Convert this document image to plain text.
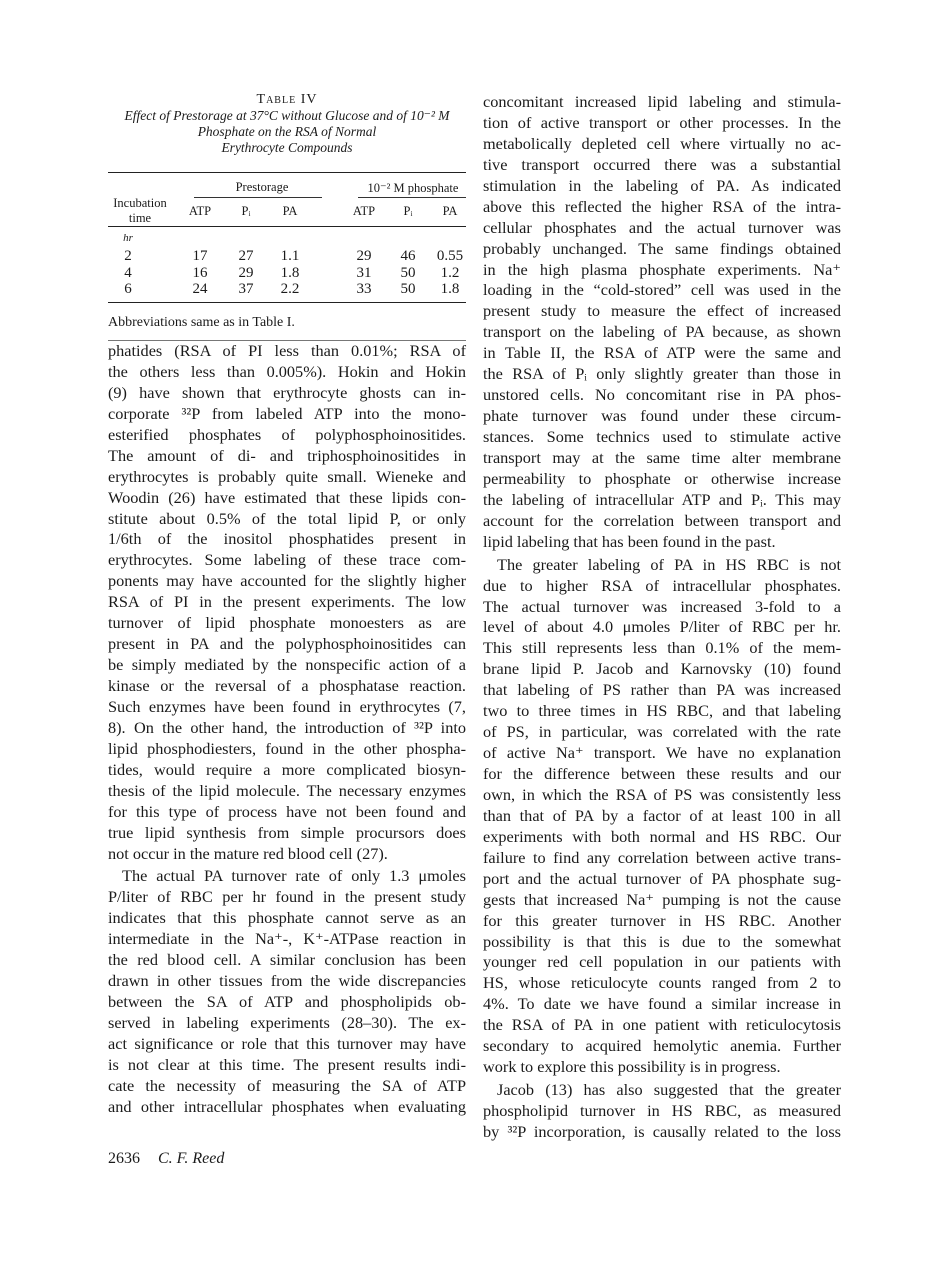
Table IV
Effect of Prestorage at 37°C without Glucose and of 10⁻² M
Phosphate on the RSA of Normal
Erythrocyte Compounds
Prestorage	10⁻² M phosphate
Incubation
time	ATP	Pᵢ	PA	ATP	Pᵢ	PA
hr
2	17	27	1.1	29	46	0.55
4	16	29	1.8	31	50	1.2
6	24	37	2.2	33	50	1.8
Abbreviations same as in Table I.
phatides (RSA of PI less than 0.01%; RSA of
the others less than 0.005%). Hokin and Hokin
(9) have shown that erythrocyte ghosts can in-
corporate ³²P from labeled ATP into the mono-
esterified phosphates of polyphosphoinositides.
The amount of di- and triphosphoinositides in
erythrocytes is probably quite small. Wieneke and
Woodin (26) have estimated that these lipids con-
stitute about 0.5% of the total lipid P, or only
1/6th of the inositol phosphatides present in
erythrocytes. Some labeling of these trace com-
ponents may have accounted for the slightly higher
RSA of PI in the present experiments. The low
turnover of lipid phosphate monoesters as are
present in PA and the polyphosphoinositides can
be simply mediated by the nonspecific action of a
kinase or the reversal of a phosphatase reaction.
Such enzymes have been found in erythrocytes (7,
8). On the other hand, the introduction of ³²P into
lipid phosphodiesters, found in the other phospha-
tides, would require a more complicated biosyn-
thesis of the lipid molecule. The necessary enzymes
for this type of process have not been found and
true lipid synthesis from simple procursors does
not occur in the mature red blood cell (27).
The actual PA turnover rate of only 1.3 μmoles
P/liter of RBC per hr found in the present study
indicates that this phosphate cannot serve as an
intermediate in the Na⁺-, K⁺-ATPase reaction in
the red blood cell. A similar conclusion has been
drawn in other tissues from the wide discrepancies
between the SA of ATP and phospholipids ob-
served in labeling experiments (28–30). The ex-
act significance or role that this turnover may have
is not clear at this time. The present results indi-
cate the necessity of measuring the SA of ATP
and other intracellular phosphates when evaluating
concomitant increased lipid labeling and stimula-
tion of active transport or other processes. In the
metabolically depleted cell where virtually no ac-
tive transport occurred there was a substantial
stimulation in the labeling of PA. As indicated
above this reflected the higher RSA of the intra-
cellular phosphates and the actual turnover was
probably unchanged. The same findings obtained
in the high plasma phosphate experiments. Na⁺
loading in the “cold-stored” cell was used in the
present study to measure the effect of increased
transport on the labeling of PA because, as shown
in Table II, the RSA of ATP were the same and
the RSA of Pᵢ only slightly greater than those in
unstored cells. No concomitant rise in PA phos-
phate turnover was found under these circum-
stances. Some technics used to stimulate active
transport may at the same time alter membrane
permeability to phosphate or otherwise increase
the labeling of intracellular ATP and Pᵢ. This may
account for the correlation between transport and
lipid labeling that has been found in the past.
The greater labeling of PA in HS RBC is not
due to higher RSA of intracellular phosphates.
The actual turnover was increased 3-fold to a
level of about 4.0 μmoles P/liter of RBC per hr.
This still represents less than 0.1% of the mem-
brane lipid P. Jacob and Karnovsky (10) found
that labeling of PS rather than PA was increased
two to three times in HS RBC, and that labeling
of PS, in particular, was correlated with the rate
of active Na⁺ transport. We have no explanation
for the difference between these results and our
own, in which the RSA of PS was consistently less
than that of PA by a factor of at least 100 in all
experiments with both normal and HS RBC. Our
failure to find any correlation between active trans-
port and the actual turnover of PA phosphate sug-
gests that increased Na⁺ pumping is not the cause
for this greater turnover in HS RBC. Another
possibility is that this is due to the somewhat
younger red cell population in our patients with
HS, whose reticulocyte counts ranged from 2 to
4%. To date we have found a similar increase in
the RSA of PA in one patient with reticulocytosis
secondary to acquired hemolytic anemia. Further
work to explore this possibility is in progress.
Jacob (13) has also suggested that the greater
phospholipid turnover in HS RBC, as measured
by ³²P incorporation, is causally related to the loss
2636 C. F. Reed
